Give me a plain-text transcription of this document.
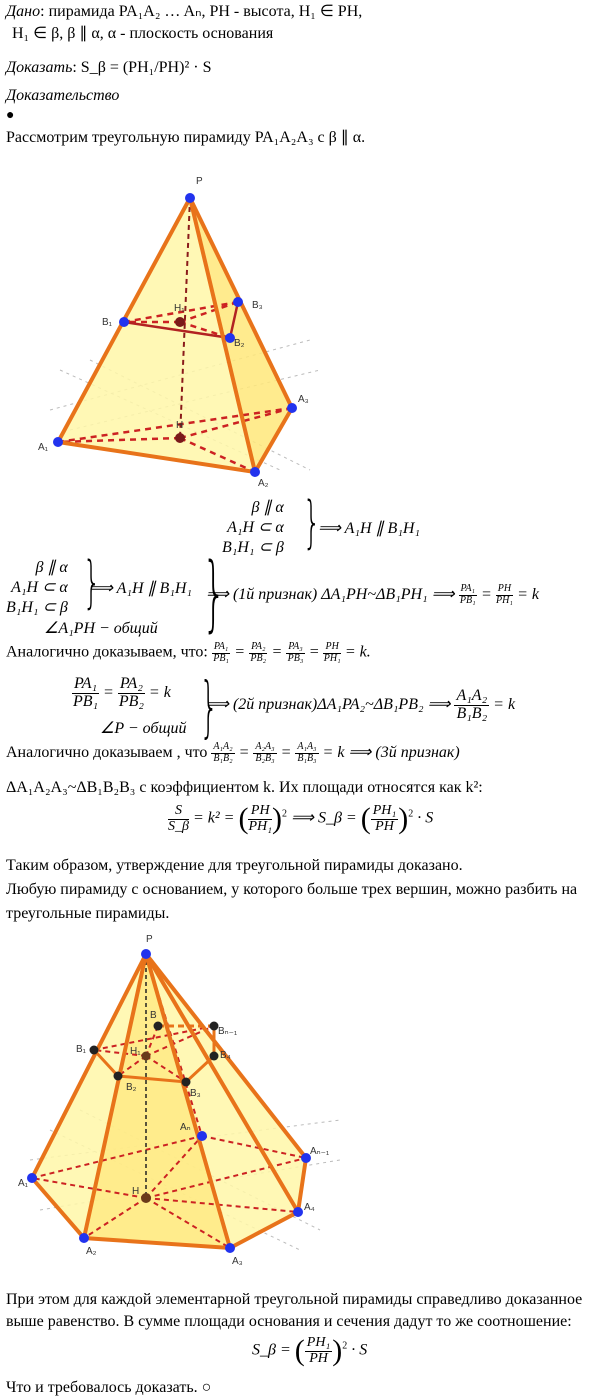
Дано: пирамида PA₁A₂ … Aₙ, PH - высота, H₁ ∈ PH,
H₁ ∈ β, β ∥ α, α - плоскость основания
Доказать: S_β = (PH₁/PH)² · S
Доказательство
●
Рассмотрим треугольную пирамиду PA₁A₂A₃ с β ∥ α.
P
H₁
B₁
B₂
B₃
A₁
A₂
A₃
H
β ∥ α
A₁H ⊂ α
B₁H₁ ⊂ β }
⟹ A₁H ∥ B₁H₁
β ∥ α
A₁H ⊂ α
B₁H₁ ⊂ β }
⟹ A₁H ∥ B₁H₁
∠A₁PH − общий }
⟹ (1й признак) ΔA₁PH~ΔB₁PH₁ ⟹ $\frac{\text{PA₁}}{\text{PB₁}} = \frac{PH}{\text{PH₁}} = k$
Аналогично доказываем, что: $\frac{\text{PA₁}}{\text{PB₁}} = \frac{\text{PA₂}}{\text{PB₂}} = \frac{\text{PA₃}}{\text{PB₃}} = \frac{PH}{\text{PH₁}} = k$.
$\frac{\text{PA₁}}{\text{PB₁}} = \frac{\text{PA₂}}{\text{PB₂}} = k$
∠P − общий }
⟹ (2й признак)ΔA₁PA₂~ΔB₁PB₂ ⟹ $\frac{\text{A₁A₂}}{\text{B₁B₂}} = k$
Аналогично доказываем , что $\frac{\text{A₁A₂}}{\text{B₁B₂}} = \frac{\text{A₂A₃}}{\text{B₂B₃}} = \frac{\text{A₁A₃}}{\text{B₁B₃}} = k$ ⟹ (3й признак)
ΔA₁A₂A₃~ΔB₁B₂B₃ с коэффициентом k. Их площади относятся как k²:
$\frac{S}{S\_\beta} = k^2$ = ( $\frac{PH}{\text{PH₁}} )^2$ ⟹ S_β = ( $\frac{\text{PH₁}}{PH} )^2 \cdot S$
Таким образом, утверждение для треугольной пирамиды доказано.
Любую пирамиду с основанием, у которого больше трех вершин, можно разбить на
треугольные пирамиды.
P
B₁
B₂
B₃
B₄
Bₙ₋₁
B
H₁
Aₙ
Aₙ₋₁
A₁
A₂
A₃
A₄
H
При этом для каждой элементарной треугольной пирамиды справедливо доказанное
выше равенство. В сумме площади основания и сечения дадут то же соотношение:
S_β = ( $\frac{\text{PH₁}}{PH} )^2 \cdot S$
Что и требовалось доказать. ○
